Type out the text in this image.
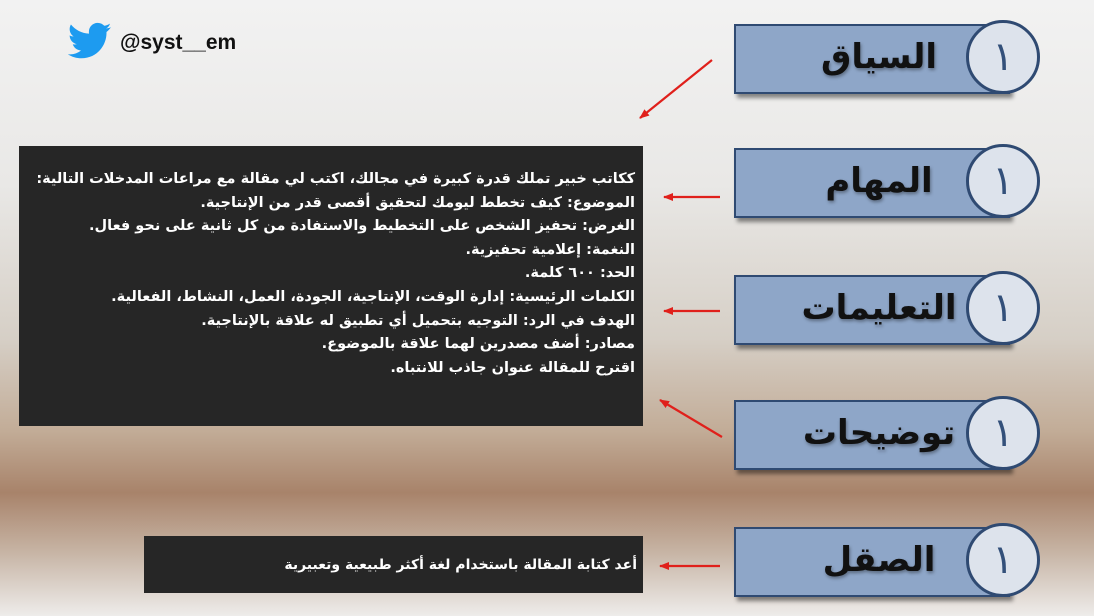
@syst__em	السياق	١
المهام	١
التعليمات ١
توضيحات ١
الصقل	١
ككاتب خبير تملك قدرة كبيرة في مجالك، اكتب لي مقالة مع مراعات المدخلات التالية:
الموضوع: كيف تخطط ليومك لتحقيق أقصى قدر من الإنتاجية.
الغرض: تحفيز الشخص على التخطيط والاستفادة من كل ثانية على نحو فعال.
النغمة: إعلامية تحفيزية.
الحد: ٦٠٠ كلمة.
الكلمات الرئيسية: إدارة الوقت، الإنتاجية، الجودة، العمل، النشاط، الفعالية.
الهدف في الرد: التوجيه بتحميل أي تطبيق له علاقة بالإنتاجية.
مصادر: أضف مصدرين لهما علاقة بالموضوع.
اقترح للمقالة عنوان جاذب للانتباه.
أعد كتابة المقالة باستخدام لغة أكثر طبيعية وتعبيرية
